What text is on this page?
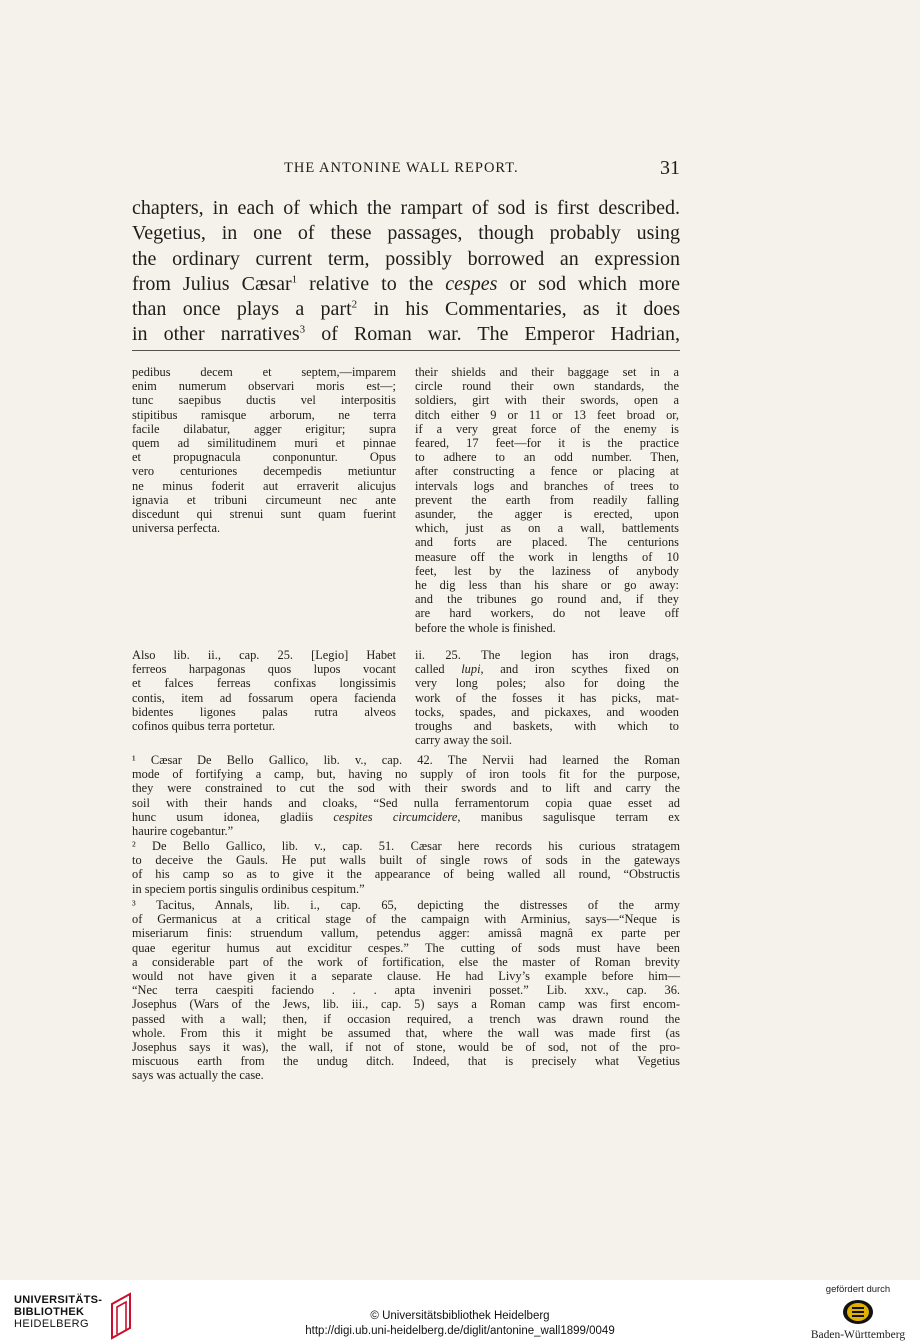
THE ANTONINE WALL REPORT.	31
chapters, in each of which the rampart of sod is first described.
Vegetius, in one of these passages, though probably using
the ordinary current term, possibly borrowed an expression
from Julius Cæsar$^1$ relative to the cespes or sod which more
than once plays a part$^2$ in his Commentaries, as it does
in other narratives$^3$ of Roman war. The Emperor Hadrian,
pedibus decem et septem,—imparem
enim numerum observari moris est—;
tunc saepibus ductis vel interpositis
stipitibus ramisque arborum, ne terra
facile dilabatur, agger erigitur; supra
quem ad similitudinem muri et pinnae
et propugnacula conponuntur. Opus
vero centuriones decempedis metiuntur
ne minus foderit aut erraverit alicujus
ignavia et tribuni circumeunt nec ante
discedunt qui strenui sunt quam fuerint
universa perfecta.
their shields and their baggage set in a
circle round their own standards, the
soldiers, girt with their swords, open a
ditch either 9 or 11 or 13 feet broad or,
if a very great force of the enemy is
feared, 17 feet—for it is the practice
to adhere to an odd number. Then,
after constructing a fence or placing at
intervals logs and branches of trees to
prevent the earth from readily falling
asunder, the agger is erected, upon
which, just as on a wall, battlements
and forts are placed. The centurions
measure off the work in lengths of 10
feet, lest by the laziness of anybody
he dig less than his share or go away:
and the tribunes go round and, if they
are hard workers, do not leave off
before the whole is finished.
Also lib. ii., cap. 25. [Legio] Habet
ferreos harpagonas quos lupos vocant
et falces ferreas confixas longissimis
contis, item ad fossarum opera facienda
bidentes ligones palas rutra alveos
cofinos quibus terra portetur.
ii. 25. The legion has iron drags,
called lupi, and iron scythes fixed on
very long poles; also for doing the
work of the fosses it has picks, mat-
tocks, spades, and pickaxes, and wooden
troughs and baskets, with which to
carry away the soil.
¹ Cæsar De Bello Gallico, lib. v., cap. 42. The Nervii had learned the Roman
mode of fortifying a camp, but, having no supply of iron tools fit for the purpose,
they were constrained to cut the sod with their swords and to lift and carry the
soil with their hands and cloaks, “Sed nulla ferramentorum copia quae esset ad
hunc usum idonea, gladiis cespites circumcidere, manibus sagulisque terram ex
haurire cogebantur.”
² De Bello Gallico, lib. v., cap. 51. Cæsar here records his curious stratagem
to deceive the Gauls. He put walls built of single rows of sods in the gateways
of his camp so as to give it the appearance of being walled all round, “Obstructis
in speciem portis singulis ordinibus cespitum.”
³ Tacitus, Annals, lib. i., cap. 65, depicting the distresses of the army
of Germanicus at a critical stage of the campaign with Arminius, says—“Neque is
miseriarum finis: struendum vallum, petendus agger: amissâ magnâ ex parte per
quae egeritur humus aut exciditur cespes.” The cutting of sods must have been
a considerable part of the work of fortification, else the master of Roman brevity
would not have given it a separate clause. He had Livy’s example before him—
“Nec terra caespiti faciendo . . . apta inveniri posset.” Lib. xxv., cap. 36.
Josephus (Wars of the Jews, lib. iii., cap. 5) says a Roman camp was first encom-
passed with a wall; then, if occasion required, a trench was drawn round the
whole. From this it might be assumed that, where the wall was made first (as
Josephus says it was), the wall, if not of stone, would be of sod, not of the pro-
miscuous earth from the undug ditch. Indeed, that is precisely what Vegetius
says was actually the case.
UNIVERSITÄTS-
BIBLIOTHEK
HEIDELBERG
© Universitätsbibliothek Heidelberg
http://digi.ub.uni-heidelberg.de/diglit/antonine_wall1899/0049
gefördert durch
Baden-Württemberg
